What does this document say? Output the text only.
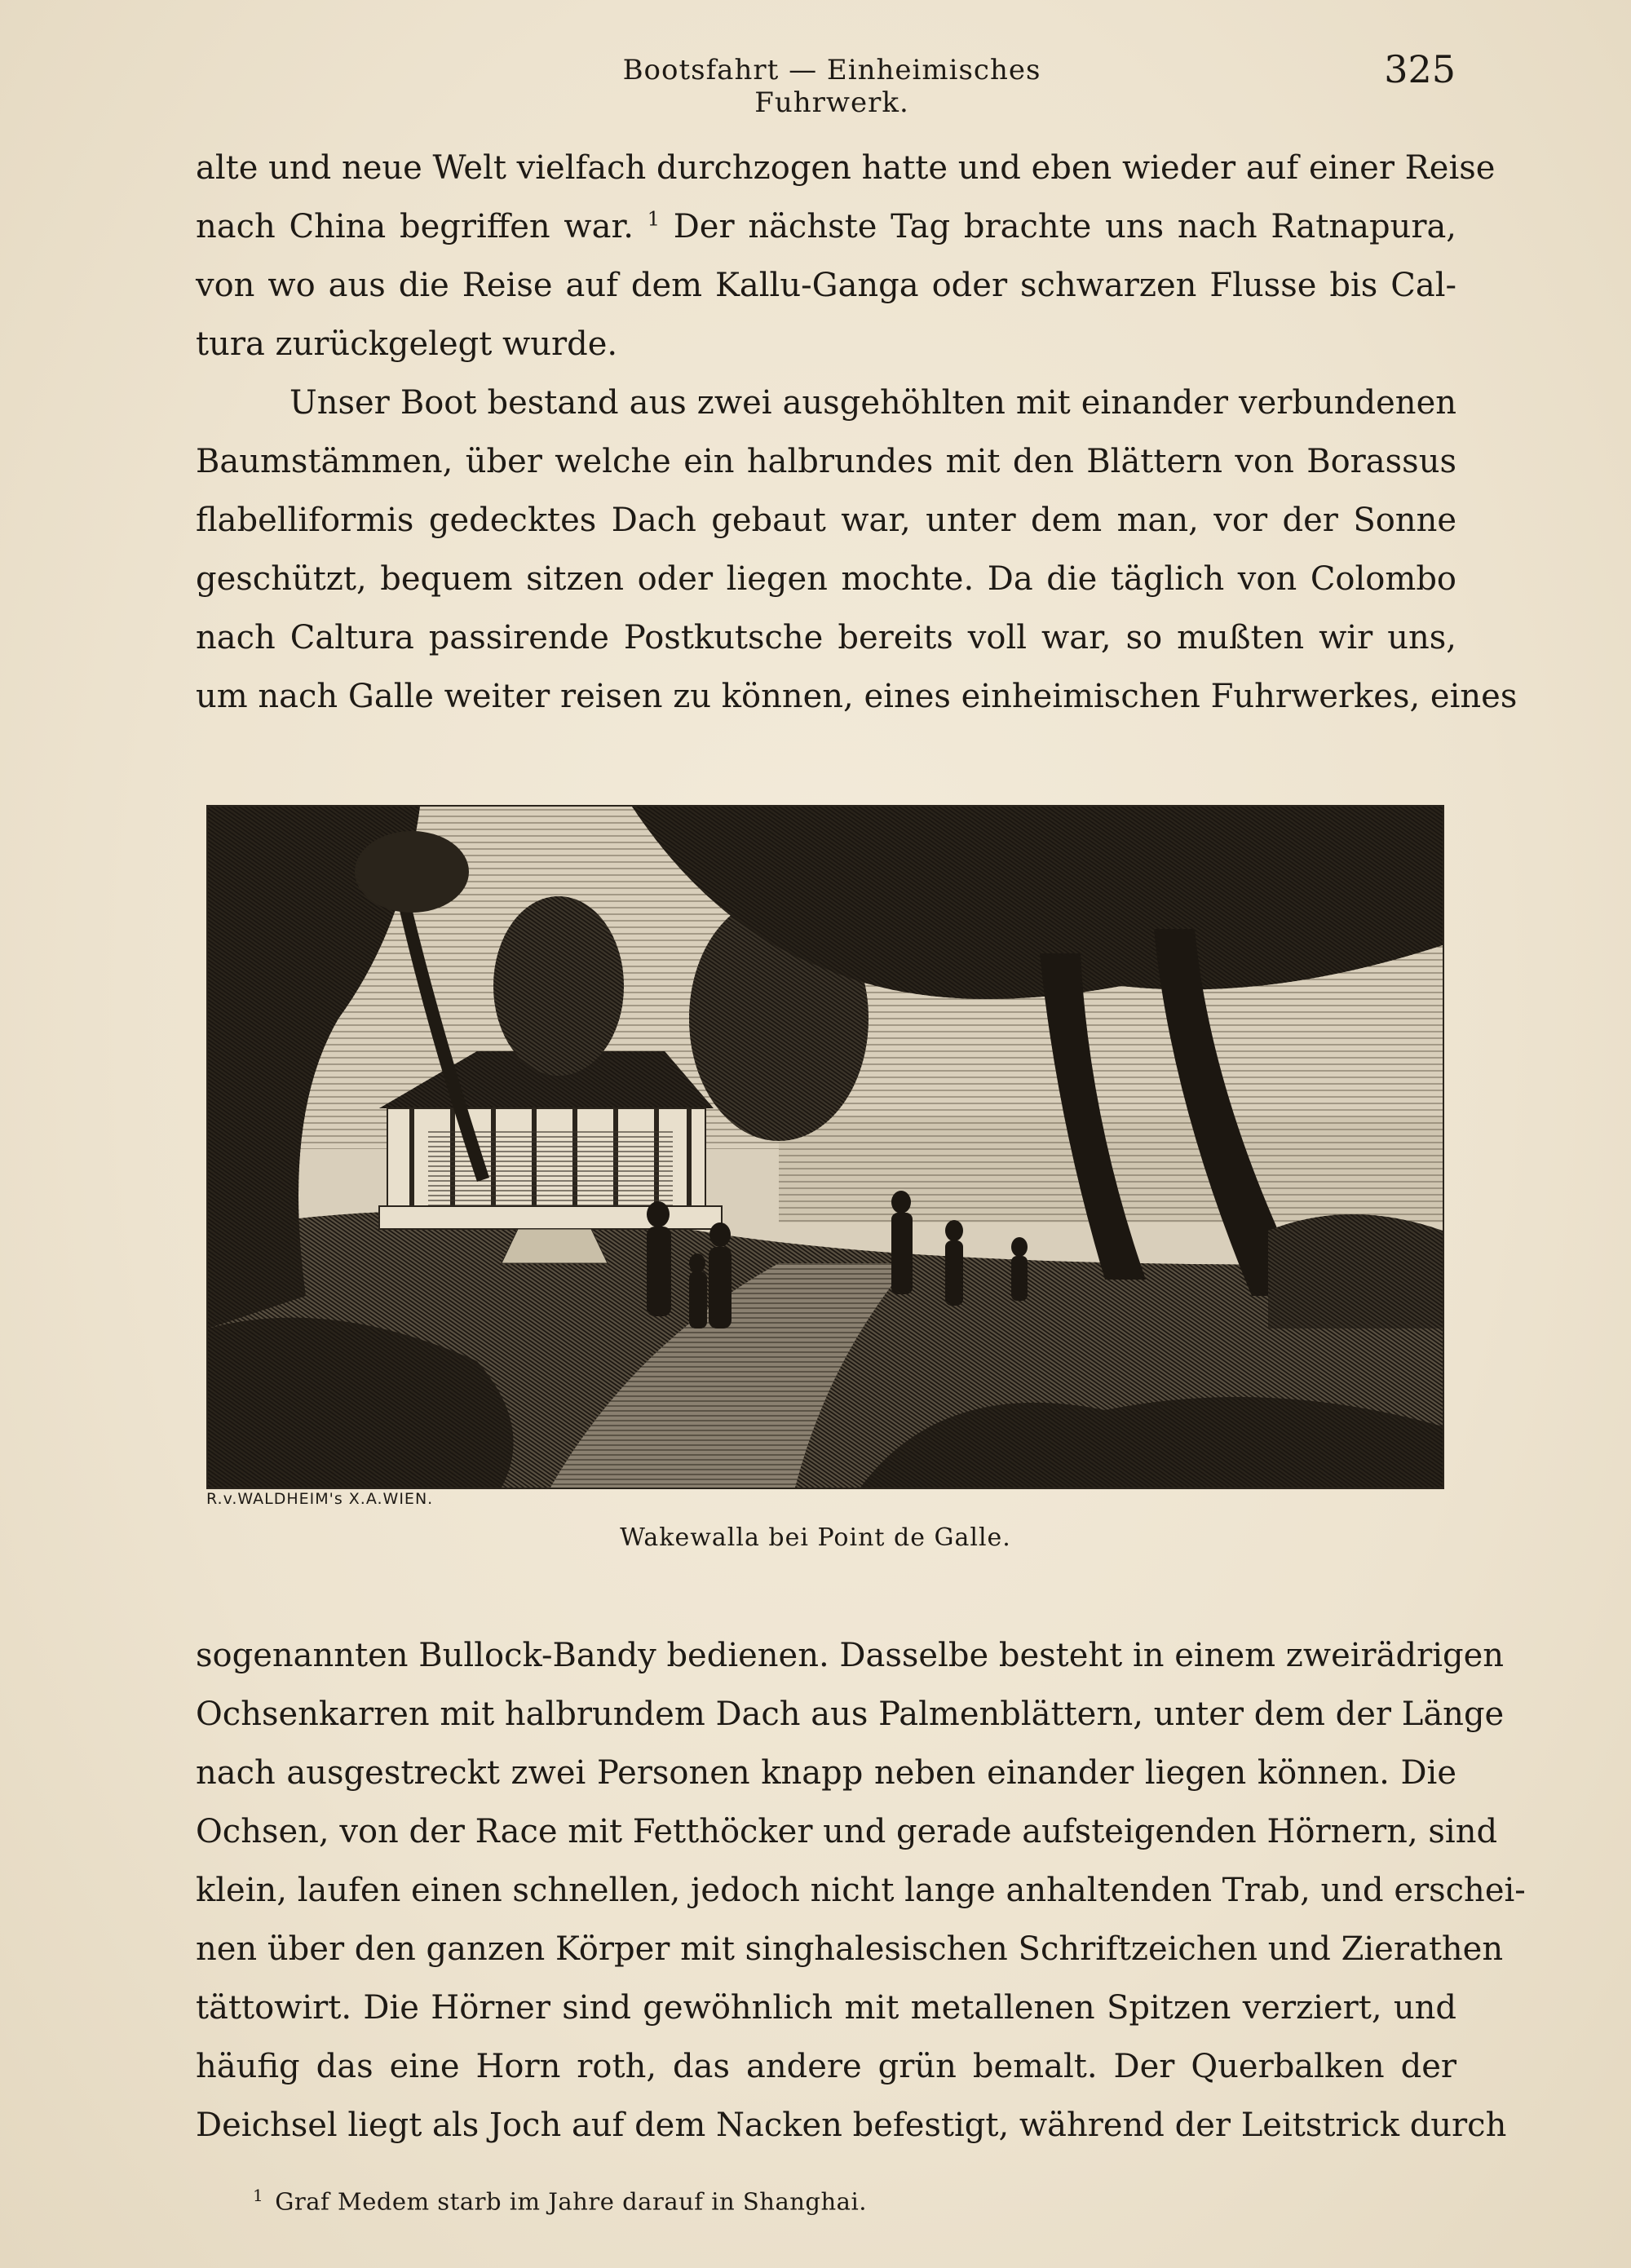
Bootsfahrt — Einheimisches Fuhrwerk.
325
alte und neue Welt vielfach durchzogen hatte und eben wieder auf einer Reise
nach China begriffen war. $^1$ Der nächste Tag brachte uns nach Ratnapura,
von wo aus die Reise auf dem Kallu-Ganga oder schwarzen Flusse bis Cal-
tura zurückgelegt wurde.
Unser Boot bestand aus zwei ausgehöhlten mit einander verbundenen
Baumstämmen, über welche ein halbrundes mit den Blättern von Borassus
flabelliformis gedecktes Dach gebaut war, unter dem man, vor der Sonne
geschützt, bequem sitzen oder liegen mochte. Da die täglich von Colombo
nach Caltura passirende Postkutsche bereits voll war, so mußten wir uns,
um nach Galle weiter reisen zu können, eines einheimischen Fuhrwerkes, eines
R.v.WALDHEIM's X.A.WIEN.
Wakewalla bei Point de Galle.
sogenannten Bullock-Bandy bedienen. Dasselbe besteht in einem zweirädrigen
Ochsenkarren mit halbrundem Dach aus Palmenblättern, unter dem der Länge
nach ausgestreckt zwei Personen knapp neben einander liegen können. Die
Ochsen, von der Race mit Fetthöcker und gerade aufsteigenden Hörnern, sind
klein, laufen einen schnellen, jedoch nicht lange anhaltenden Trab, und erschei-
nen über den ganzen Körper mit singhalesischen Schriftzeichen und Zierathen
tättowirt. Die Hörner sind gewöhnlich mit metallenen Spitzen verziert, und
häufig das eine Horn roth, das andere grün bemalt. Der Querbalken der
Deichsel liegt als Joch auf dem Nacken befestigt, während der Leitstrick durch
$^1$ Graf Medem starb im Jahre darauf in Shanghai.
